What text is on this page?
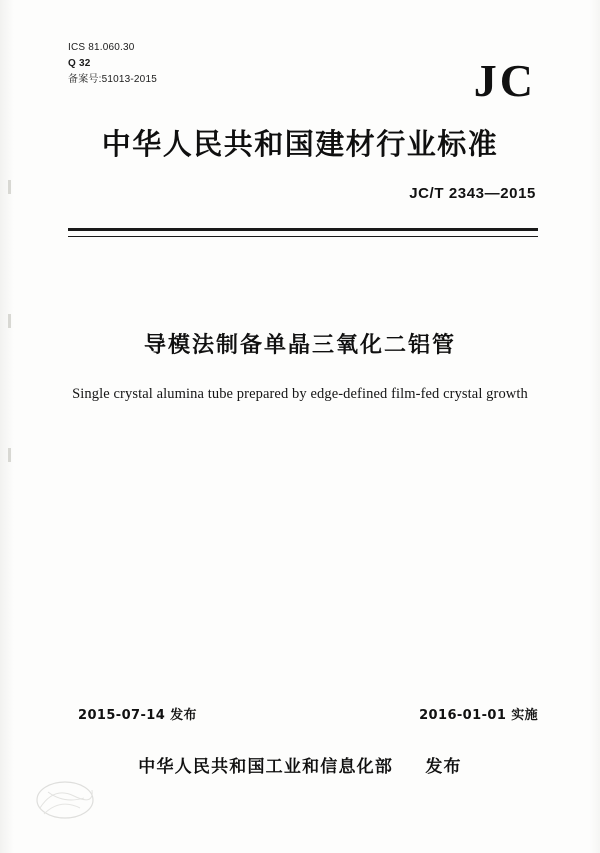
ICS 81.060.30
Q 32
备案号:51013-2015	JC
中华人民共和国建材行业标准
JC/T 2343—2015
导模法制备单晶三氧化二铝管
Single crystal alumina tube prepared by edge-defined film-fed crystal growth
2015-07-14 发布	2016-01-01 实施
中华人民共和国工业和信息化部 发布
